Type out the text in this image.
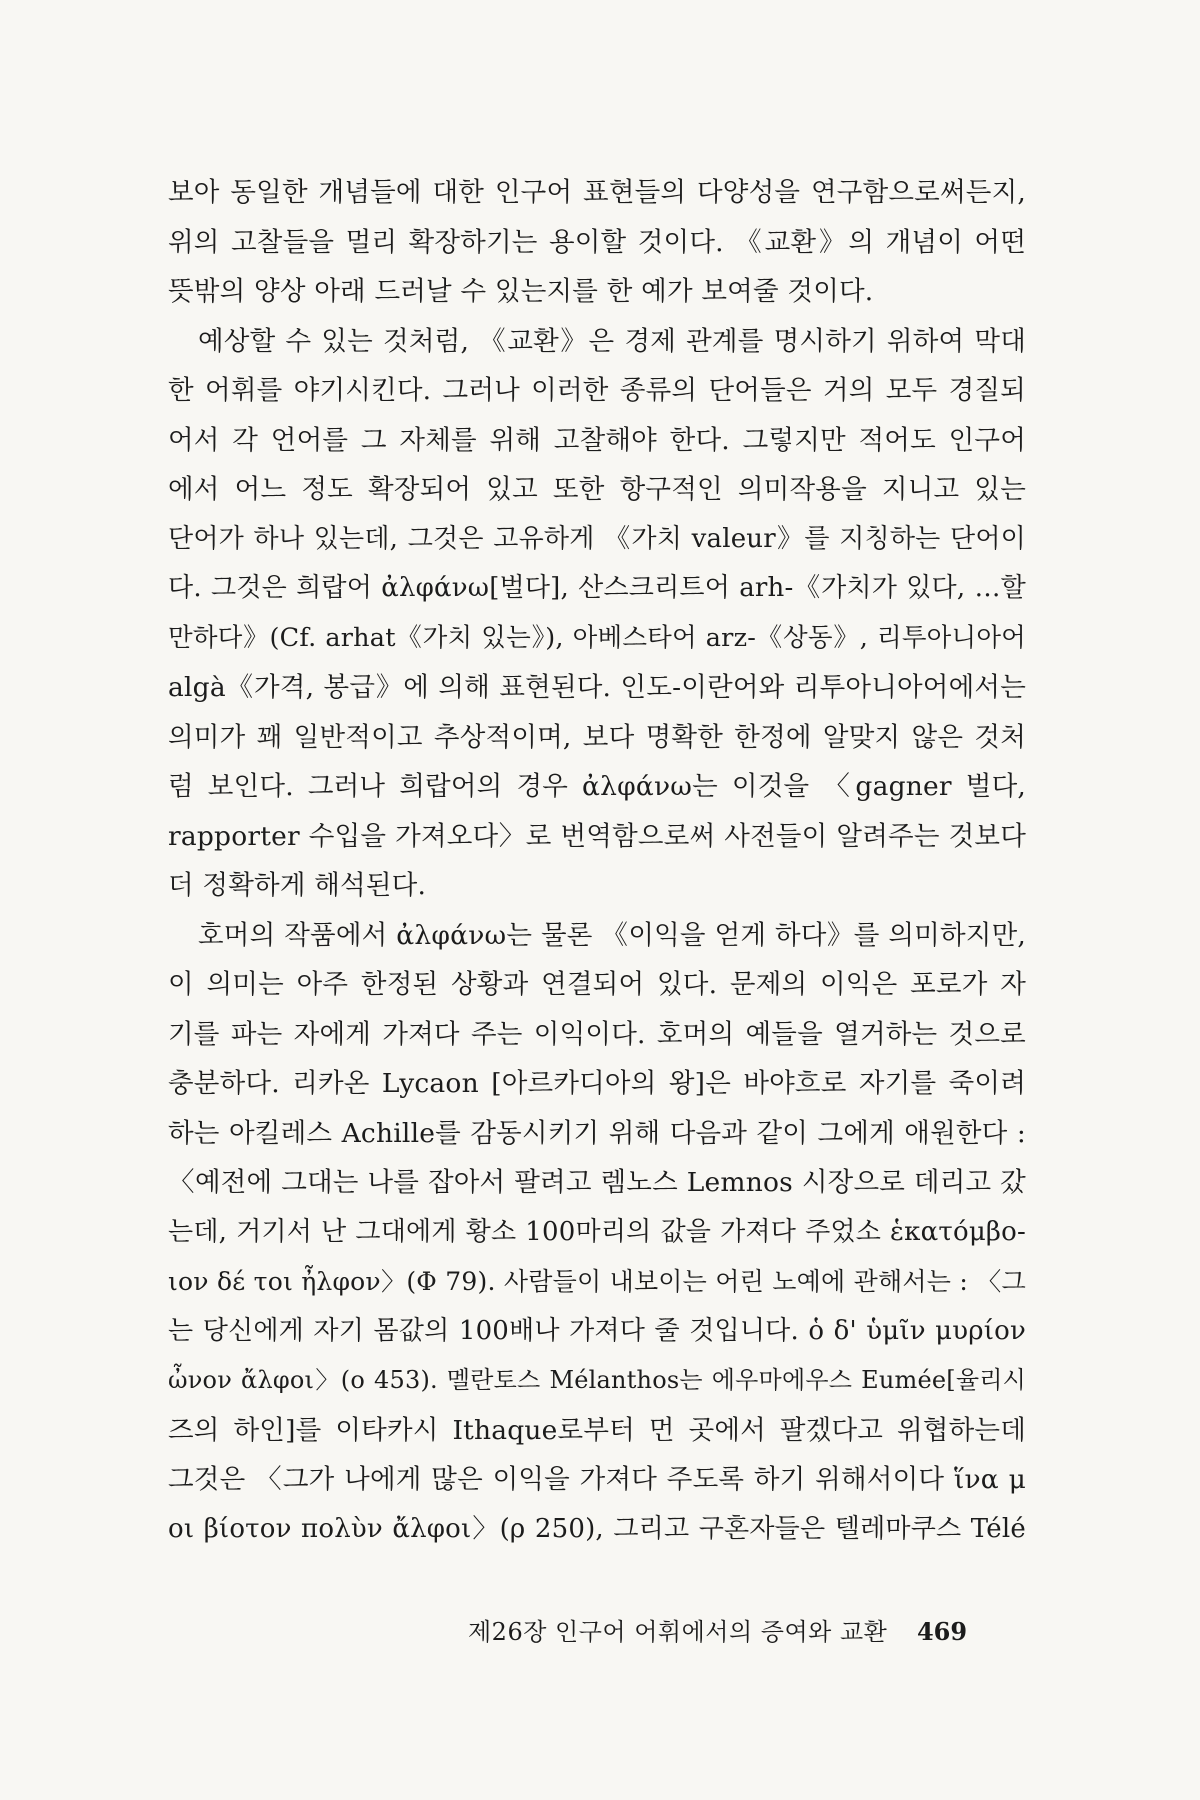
보아 동일한 개념들에 대한 인구어 표현들의 다양성을 연구함으로써든지,
위의 고찰들을 멀리 확장하기는 용이할 것이다. 《교환》의 개념이 어떤
뜻밖의 양상 아래 드러날 수 있는지를 한 예가 보여줄 것이다.
예상할 수 있는 것처럼, 《교환》은 경제 관계를 명시하기 위하여 막대
한 어휘를 야기시킨다. 그러나 이러한 종류의 단어들은 거의 모두 경질되
어서 각 언어를 그 자체를 위해 고찰해야 한다. 그렇지만 적어도 인구어
에서 어느 정도 확장되어 있고 또한 항구적인 의미작용을 지니고 있는
단어가 하나 있는데, 그것은 고유하게 《가치 valeur》를 지칭하는 단어이
다. 그것은 희랍어 ἀλφάνω[벌다], 산스크리트어 arh-《가치가 있다, …할
만하다》(Cf. arhat《가치 있는》), 아베스타어 arz-《상동》, 리투아니아어
algà《가격, 봉급》에 의해 표현된다. 인도-이란어와 리투아니아어에서는
의미가 꽤 일반적이고 추상적이며, 보다 명확한 한정에 알맞지 않은 것처
럼 보인다. 그러나 희랍어의 경우 ἀλφάνω는 이것을 〈gagner 벌다,
rapporter 수입을 가져오다〉로 번역함으로써 사전들이 알려주는 것보다
더 정확하게 해석된다.
호머의 작품에서 ἀλφάνω는 물론 《이익을 얻게 하다》를 의미하지만,
이 의미는 아주 한정된 상황과 연결되어 있다. 문제의 이익은 포로가 자
기를 파는 자에게 가져다 주는 이익이다. 호머의 예들을 열거하는 것으로
충분하다. 리카온 Lycaon [아르카디아의 왕]은 바야흐로 자기를 죽이려
하는 아킬레스 Achille를 감동시키기 위해 다음과 같이 그에게 애원한다 :
〈예전에 그대는 나를 잡아서 팔려고 렘노스 Lemnos 시장으로 데리고 갔
는데, 거기서 난 그대에게 황소 100마리의 값을 가져다 주었소 ἑκατόμβο-
ιον δέ τοι ἦλφον〉(Φ 79). 사람들이 내보이는 어린 노예에 관해서는 : 〈그
는 당신에게 자기 몸값의 100배나 가져다 줄 것입니다. ὁ δ' ὑμῖν μυρίον
ὦνον ἄλφοι〉(ο 453). 멜란토스 Mélanthos는 에우마에우스 Eumée[율리시
즈의 하인]를 이타카시 Ithaque로부터 먼 곳에서 팔겠다고 위협하는데
그것은 〈그가 나에게 많은 이익을 가져다 주도록 하기 위해서이다 ἵνα μ
οι βίοτον πολὺν ἄλφοι〉(ρ 250), 그리고 구혼자들은 텔레마쿠스 Télé
제26장 인구어 어휘에서의 증여와 교환 469
